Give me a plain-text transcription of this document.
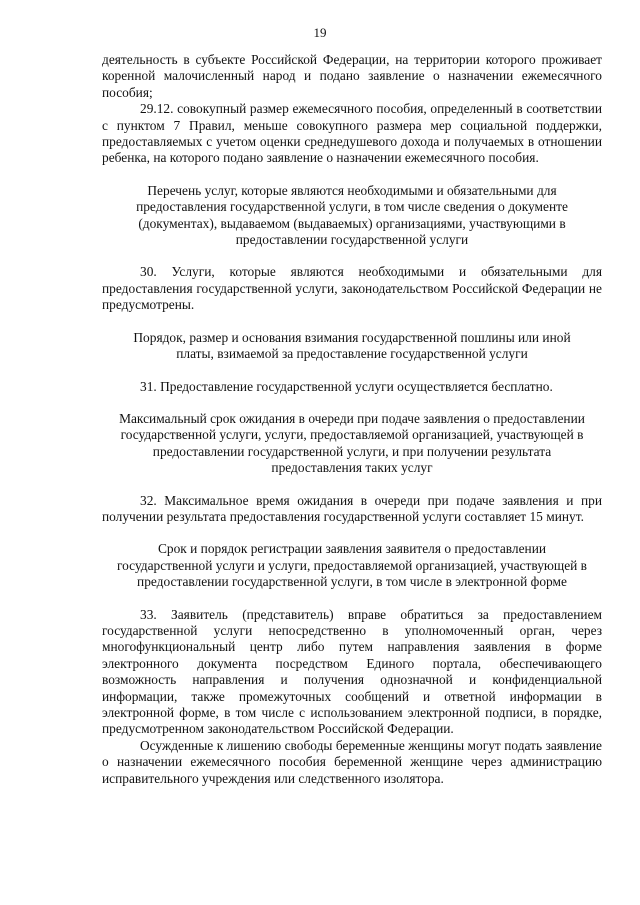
19

деятельность в субъекте Российской Федерации, на территории которого проживает коренной малочисленный народ и подано заявление о назначении ежемесячного пособия;

29.12. совокупный размер ежемесячного пособия, определенный в соответствии с пунктом 7 Правил, меньше совокупного размера мер социальной поддержки, предоставляемых с учетом оценки среднедушевого дохода и получаемых в отношении ребенка, на которого подано заявление о назначении ежемесячного пособия.

Перечень услуг, которые являются необходимыми и обязательными для предоставления государственной услуги, в том числе сведения о документе (документах), выдаваемом (выдаваемых) организациями, участвующими в предоставлении государственной услуги

30. Услуги, которые являются необходимыми и обязательными для предоставления государственной услуги, законодательством Российской Федерации не предусмотрены.

Порядок, размер и основания взимания государственной пошлины или иной платы, взимаемой за предоставление государственной услуги

31. Предоставление государственной услуги осуществляется бесплатно.

Максимальный срок ожидания в очереди при подаче заявления о предоставлении государственной услуги, услуги, предоставляемой организацией, участвующей в предоставлении государственной услуги, и при получении результата предоставления таких услуг

32. Максимальное время ожидания в очереди при подаче заявления и при получении результата предоставления государственной услуги составляет 15 минут.

Срок и порядок регистрации заявления заявителя о предоставлении государственной услуги и услуги, предоставляемой организацией, участвующей в предоставлении государственной услуги, в том числе в электронной форме

33. Заявитель (представитель) вправе обратиться за предоставлением государственной услуги непосредственно в уполномоченный орган, через многофункциональный центр либо путем направления заявления в форме электронного документа посредством Единого портала, обеспечивающего возможность направления и получения однозначной и конфиденциальной информации, также промежуточных сообщений и ответной информации в электронной форме, в том числе с использованием электронной подписи, в порядке, предусмотренном законодательством Российской Федерации.

Осужденные к лишению свободы беременные женщины могут подать заявление о назначении ежемесячного пособия беременной женщине через администрацию исправительного учреждения или следственного изолятора.
